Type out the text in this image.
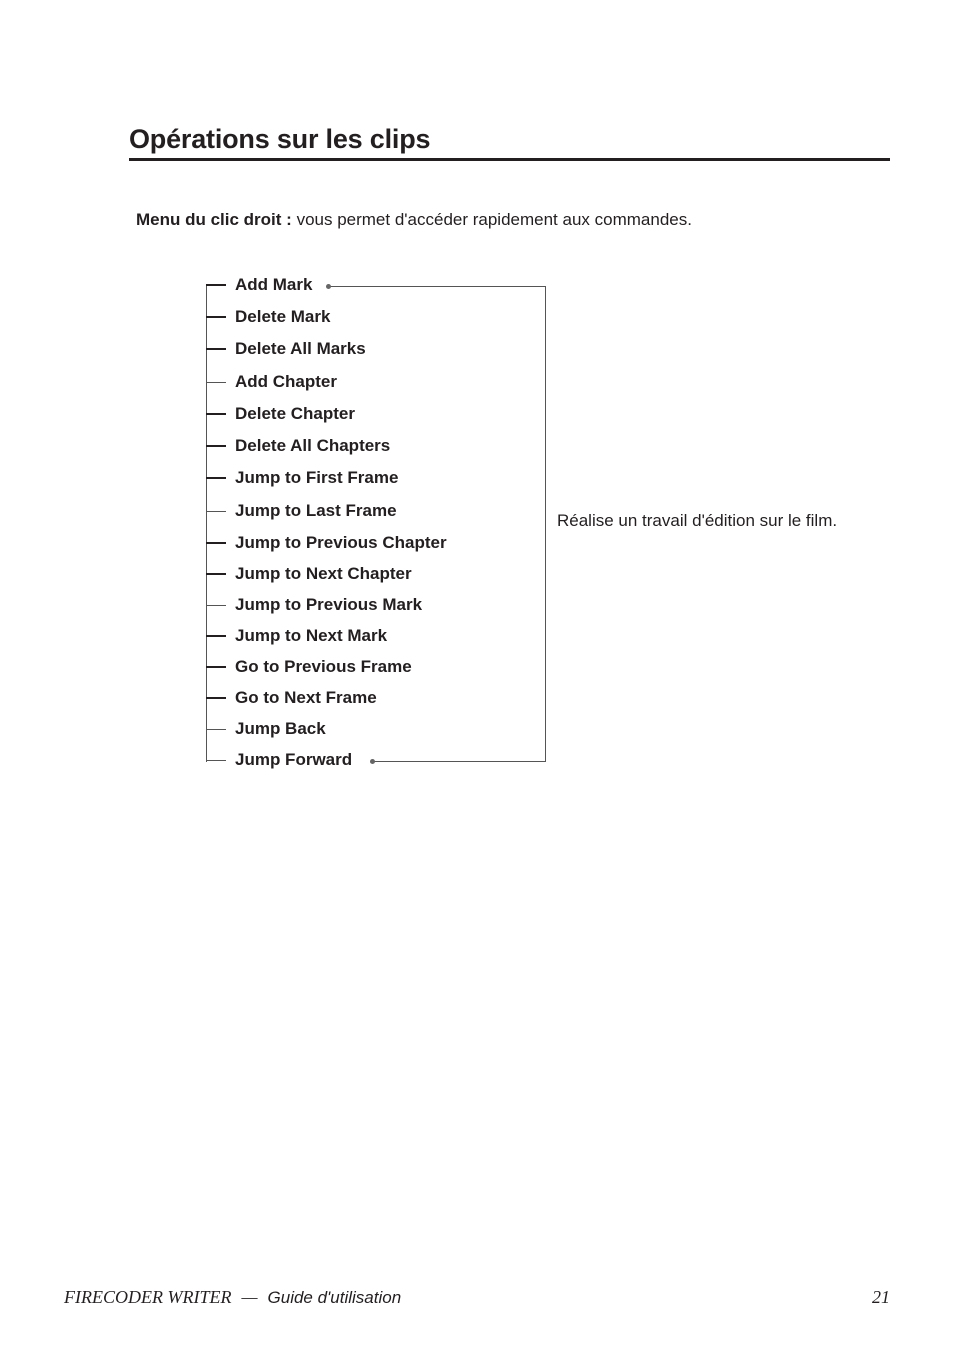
Opérations sur les clips

Menu du clic droit : vous permet d'accéder rapidement aux commandes.

Add Mark
Delete Mark
Delete All Marks
Add Chapter
Delete Chapter
Delete All Chapters
Jump to First Frame
Jump to Last Frame
Jump to Previous Chapter
Jump to Next Chapter
Jump to Previous Mark
Jump to Next Mark
Go to Previous Frame
Go to Next Frame
Jump Back
Jump Forward

Réalise un travail d'édition sur le film.

FIRECODER WRITER — Guide d'utilisation	21
